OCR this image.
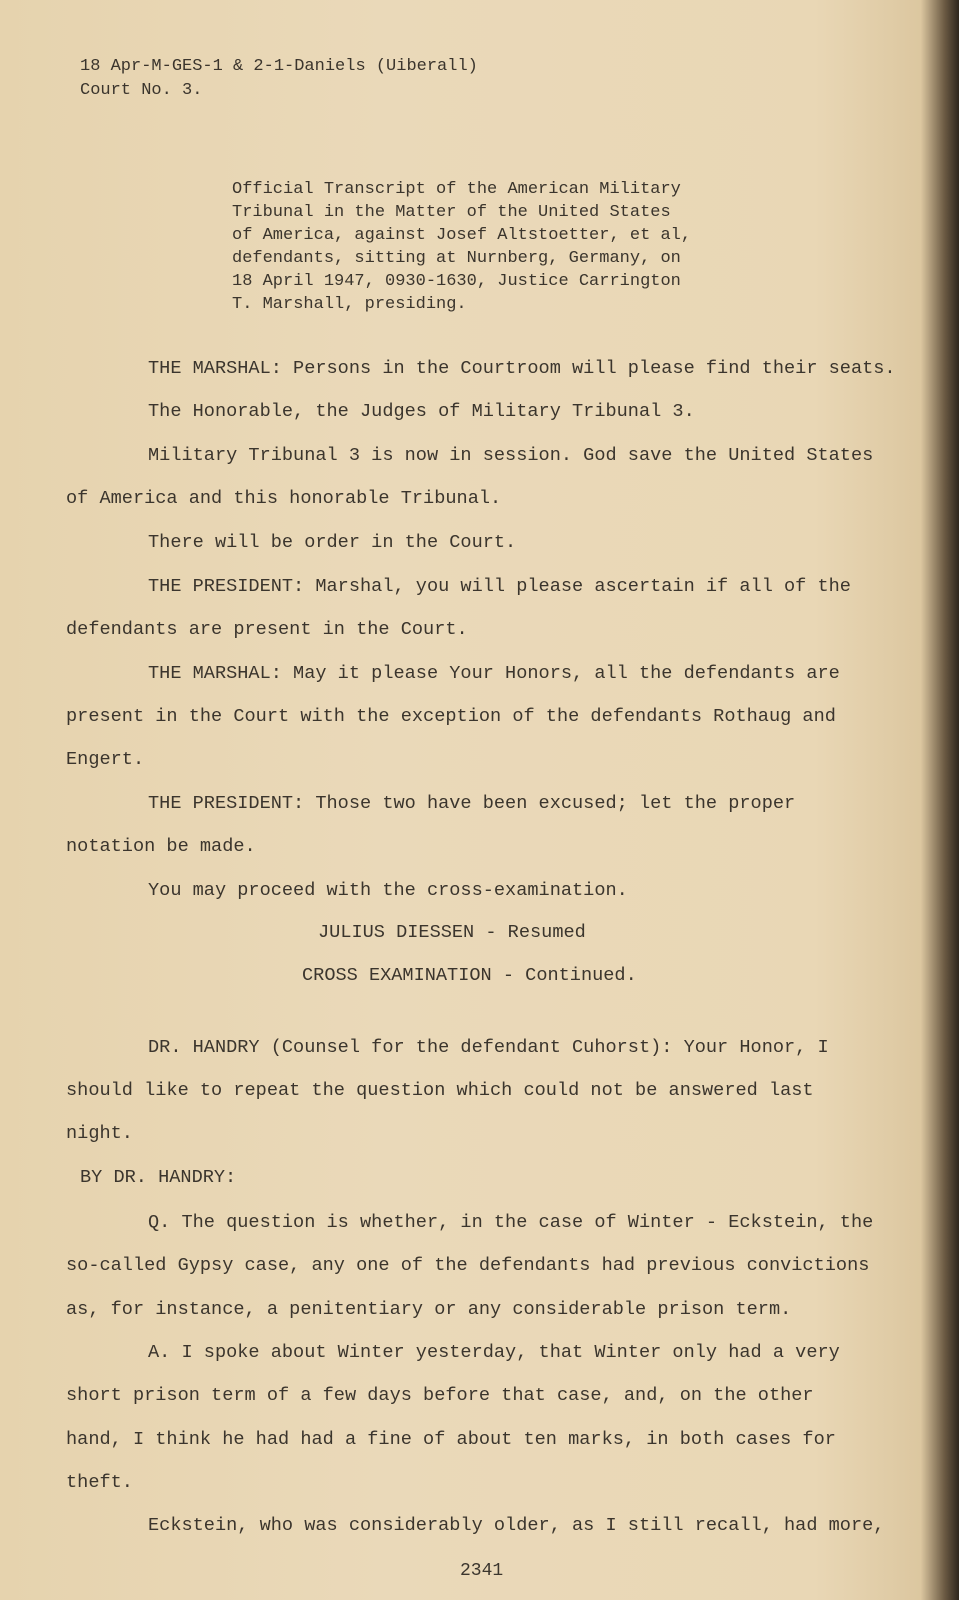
18 Apr-M-GES-1 & 2-1-Daniels (Uiberall)
Court No. 3.
Official Transcript of the American Military
Tribunal in the Matter of the United States
of America, against Josef Altstoetter, et al,
defendants, sitting at Nurnberg, Germany, on
18 April 1947, 0930-1630, Justice Carrington
T. Marshall, presiding.
THE MARSHAL: Persons in the Courtroom will please find their seats.
The Honorable, the Judges of Military Tribunal 3.
Military Tribunal 3 is now in session. God save the United States
of America and this honorable Tribunal.
There will be order in the Court.
THE PRESIDENT: Marshal, you will please ascertain if all of the
defendants are present in the Court.
THE MARSHAL: May it please Your Honors, all the defendants are
present in the Court with the exception of the defendants Rothaug and
Engert.
THE PRESIDENT: Those two have been excused; let the proper
notation be made.
You may proceed with the cross-examination.
JULIUS DIESSEN - Resumed
CROSS EXAMINATION - Continued.
DR. HANDRY (Counsel for the defendant Cuhorst): Your Honor, I
should like to repeat the question which could not be answered last
night.
BY DR. HANDRY:
Q. The question is whether, in the case of Winter - Eckstein, the
so-called Gypsy case, any one of the defendants had previous convictions
as, for instance, a penitentiary or any considerable prison term.
A. I spoke about Winter yesterday, that Winter only had a very
short prison term of a few days before that case, and, on the other
hand, I think he had had a fine of about ten marks, in both cases for
theft.
Eckstein, who was considerably older, as I still recall, had more,
2341
